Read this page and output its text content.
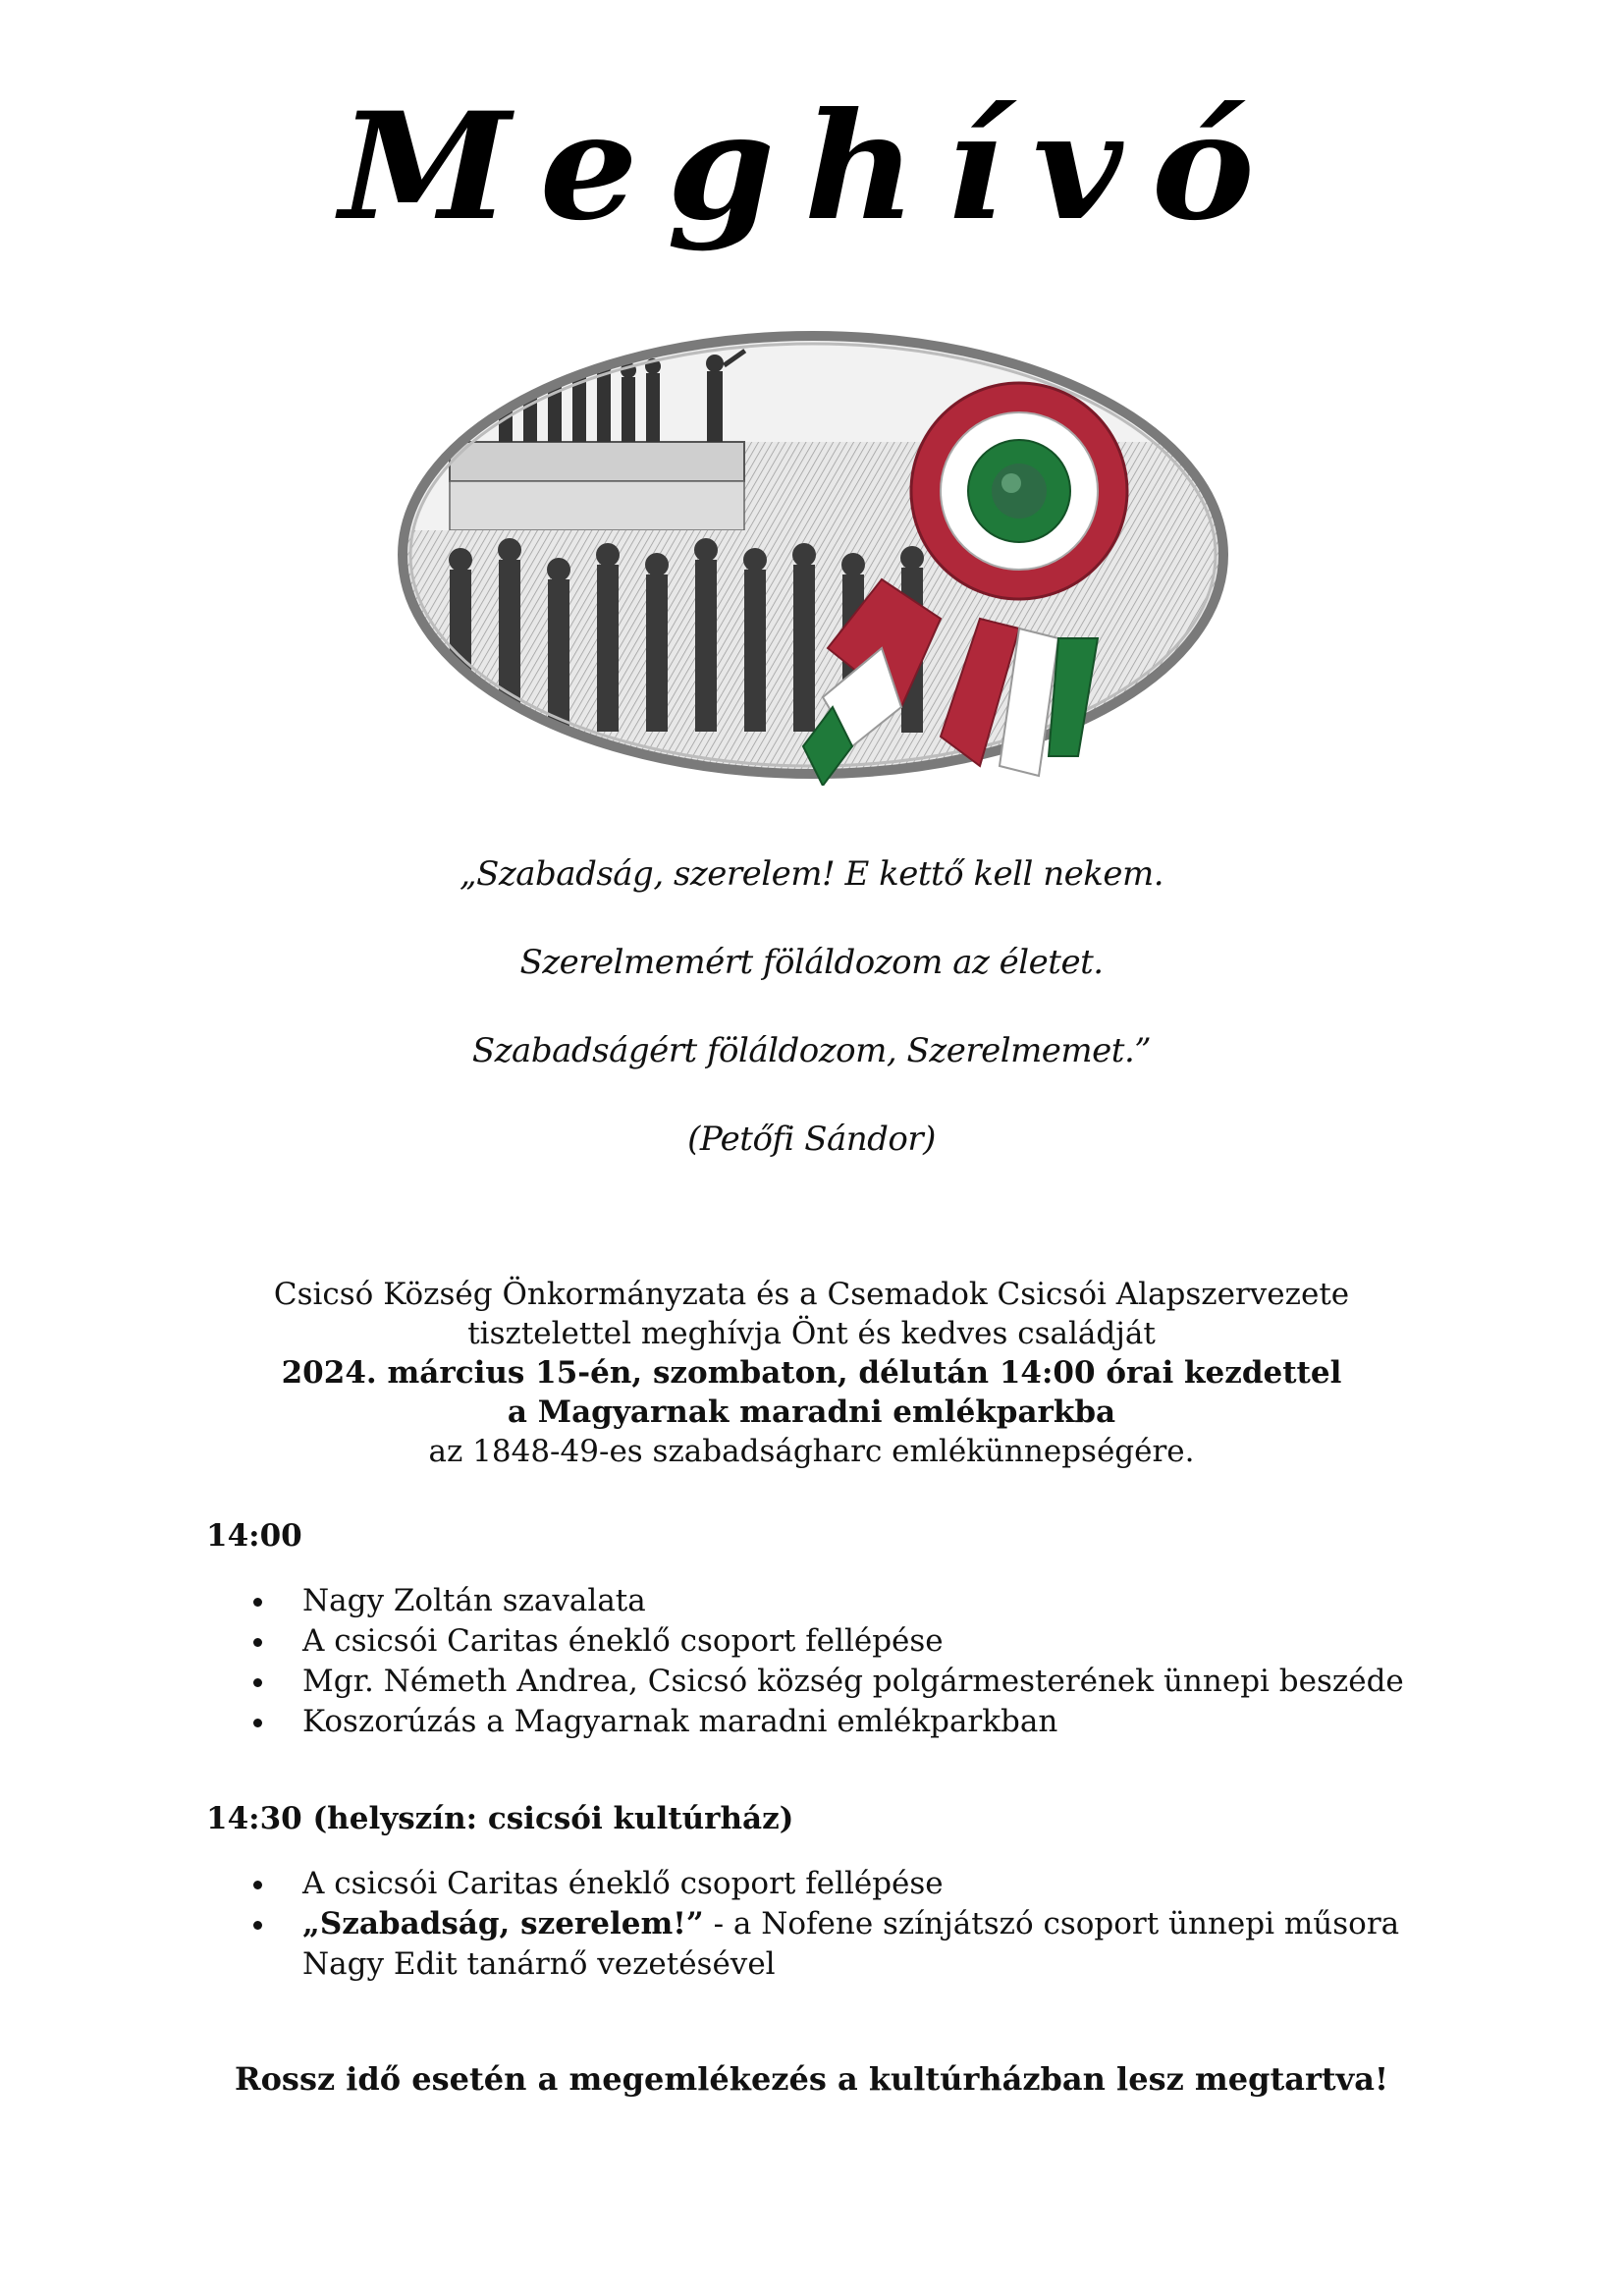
Meghívó
„Szabadság, szerelem! E kettő kell nekem.
Szerelmemért föláldozom az életet.
Szabadságért föláldozom, Szerelmemet.”
(Petőfi Sándor)
Csicsó Község Önkormányzata és a Csemadok Csicsói Alapszervezete
tisztelettel meghívja Önt és kedves családját
2024. március 15-én, szombaton, délután 14:00 órai kezdettel
a Magyarnak maradni emlékparkba
az 1848-49-es szabadságharc emlékünnepségére.
14:00
Nagy Zoltán szavalata
A csicsói Caritas éneklő csoport fellépése
Mgr. Németh Andrea, Csicsó község polgármesterének ünnepi beszéde
Koszorúzás a Magyarnak maradni emlékparkban
14:30 (helyszín: csicsói kultúrház)
A csicsói Caritas éneklő csoport fellépése
„Szabadság, szerelem!” - a Nofene színjátszó csoport ünnepi műsora
Nagy Edit tanárnő vezetésével
Rossz idő esetén a megemlékezés a kultúrházban lesz megtartva!
